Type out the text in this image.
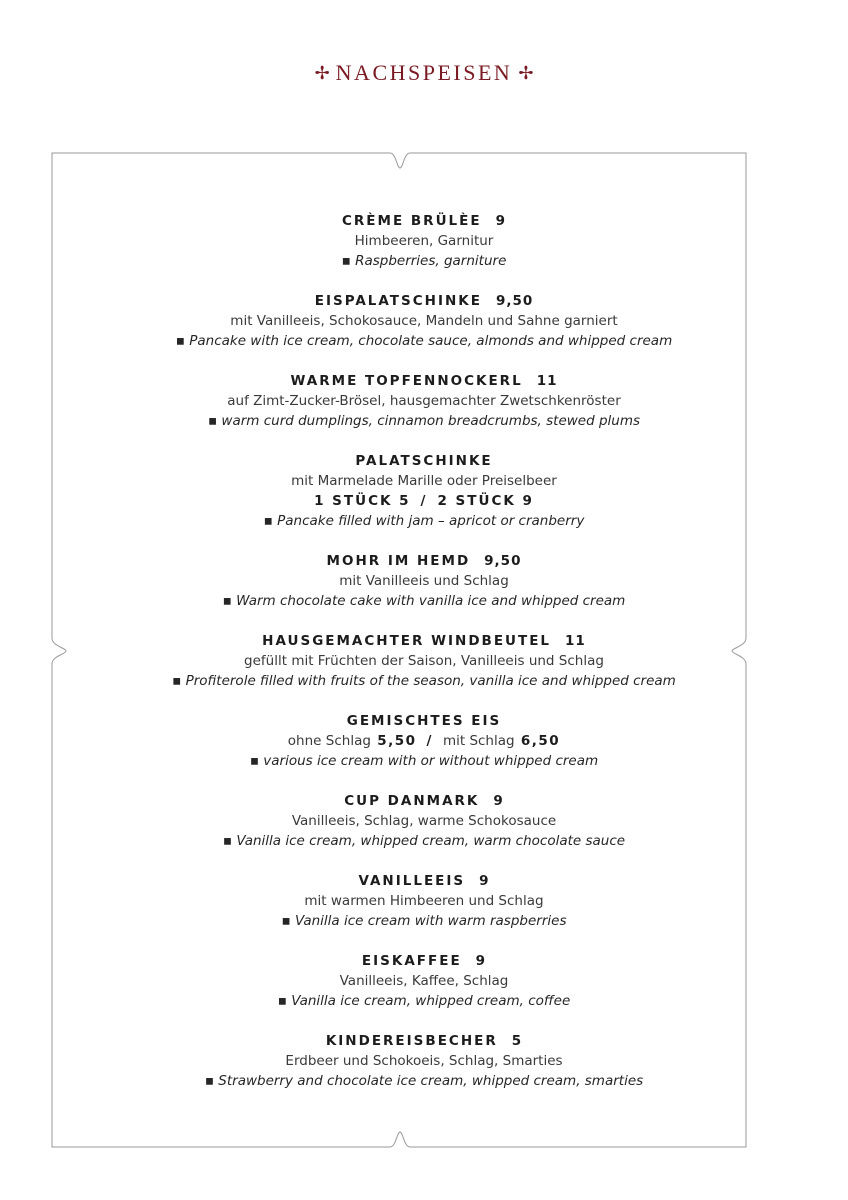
✢ NACHSPEISEN ✢
CRÈME BRÜLÈE 9
Himbeeren, Garnitur
▪ Raspberries, garniture
EISPALATSCHINKE 9,50
mit Vanilleeis, Schokosauce, Mandeln und Sahne garniert
▪ Pancake with ice cream, chocolate sauce, almonds and whipped cream
WARME TOPFENNOCKERL 11
auf Zimt-Zucker-Brösel, hausgemachter Zwetschkenröster
▪ warm curd dumplings, cinnamon breadcrumbs, stewed plums
PALATSCHINKE
mit Marmelade Marille oder Preiselbeer
1 STÜCK 5 / 2 STÜCK 9
▪ Pancake filled with jam – apricot or cranberry
MOHR IM HEMD 9,50
mit Vanilleeis und Schlag
▪ Warm chocolate cake with vanilla ice and whipped cream
HAUSGEMACHTER WINDBEUTEL 11
gefüllt mit Früchten der Saison, Vanilleeis und Schlag
▪ Profiterole filled with fruits of the season, vanilla ice and whipped cream
GEMISCHTES EIS
ohne Schlag 5,50 / mit Schlag 6,50
▪ various ice cream with or without whipped cream
CUP DANMARK 9
Vanilleeis, Schlag, warme Schokosauce
▪ Vanilla ice cream, whipped cream, warm chocolate sauce
VANILLEEIS 9
mit warmen Himbeeren und Schlag
▪ Vanilla ice cream with warm raspberries
EISKAFFEE 9
Vanilleeis, Kaffee, Schlag
▪ Vanilla ice cream, whipped cream, coffee
KINDEREISBECHER 5
Erdbeer und Schokoeis, Schlag, Smarties
▪ Strawberry and chocolate ice cream, whipped cream, smarties
